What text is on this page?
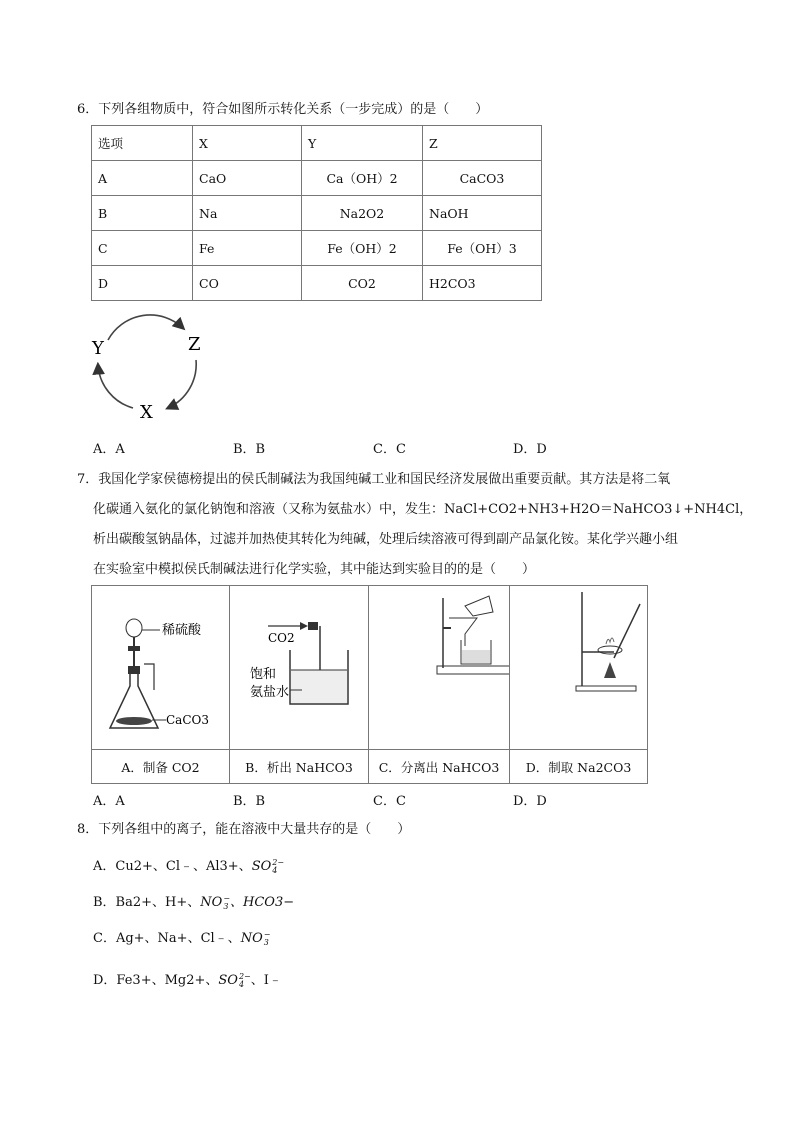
6．下列各组物质中，符合如图所示转化关系（一步完成）的是（　　）
选项	X	Y	Z
A	CaO	Ca（OH）2	CaCO3
B	Na	Na2O2	NaOH
C	Fe	Fe（OH）2	Fe（OH）3
D	CO	CO2	H2CO3
Y	Z
X
A．A	B．B	C．C	D．D
7．我国化学家侯德榜提出的侯氏制碱法为我国纯碱工业和国民经济发展做出重要贡献。其方法是将二氧
化碳通入氨化的氯化钠饱和溶液（又称为氨盐水）中，发生：NaCl+CO2+NH3+H2O＝NaHCO3↓+NH4Cl，
析出碳酸氢钠晶体，过滤并加热使其转化为纯碱，处理后续溶液可得到副产品氯化铵。某化学兴趣小组
在实验室中模拟侯氏制碱法进行化学实验，其中能达到实验目的的是（　　）
稀硫酸
CaCO3	CO2
饱和
氨盐水

A．制备 CO2	B．析出 NaHCO3	C．分离出 NaHCO3	D．制取 Na2CO3
A．A	B．B	C．C	D．D
8．下列各组中的离子，能在溶液中大量共存的是（　　）
A．Cu2+、Cl﹣、Al3+、SO 2−
4
B．Ba2+、H+、NO −
3 、HCO3−
C．Ag+、Na+、Cl﹣、NO −
3
D．Fe3+、Mg2+、SO 2−
4 、I﹣
